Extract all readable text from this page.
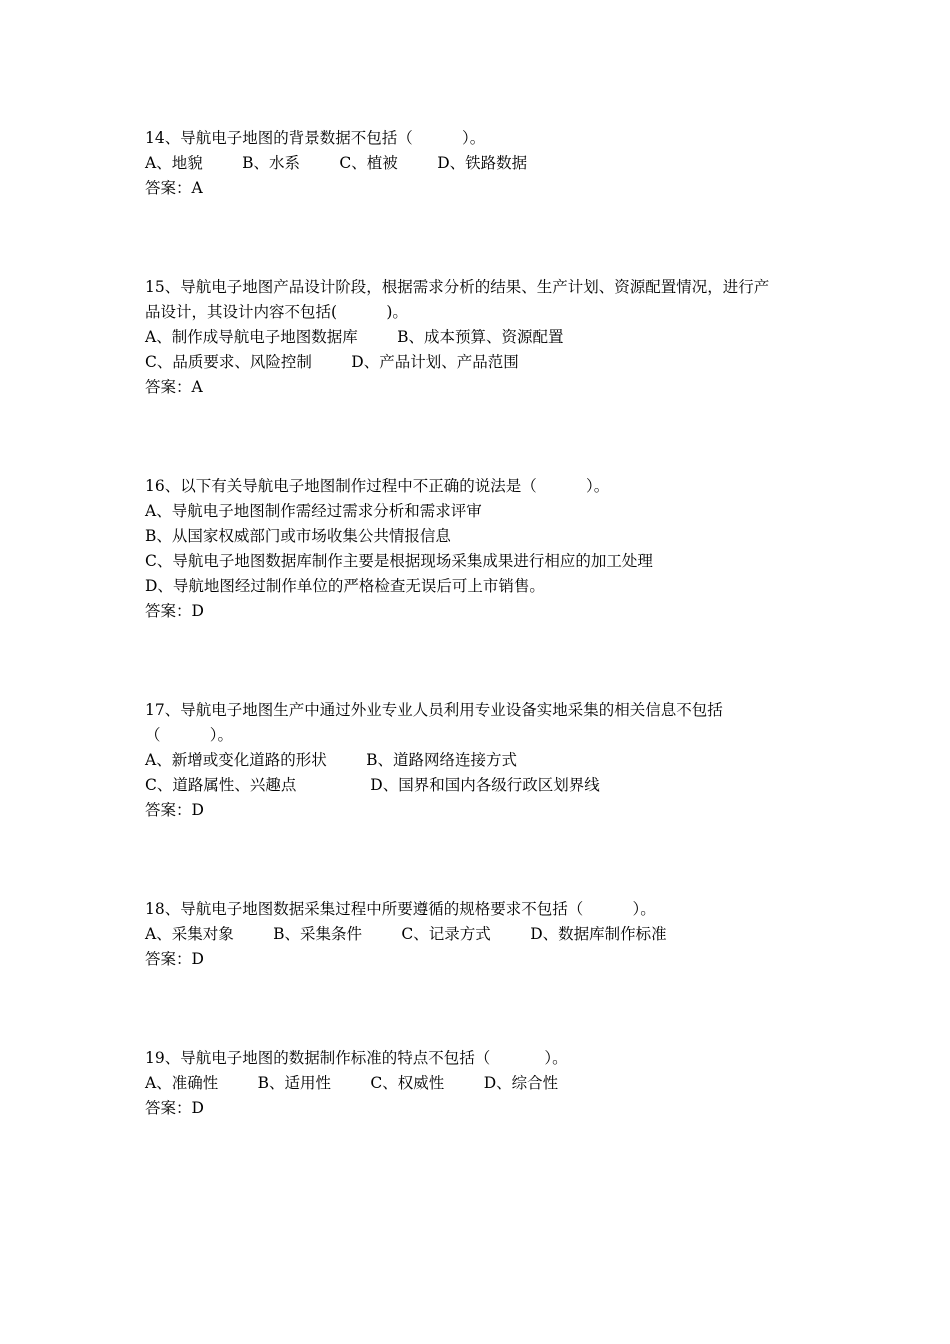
14、导航电子地图的背景数据不包括（          ）。
A、地貌        B、水系        C、植被        D、铁路数据
答案：A
15、导航电子地图产品设计阶段，根据需求分析的结果、生产计划、资源配置情况，进行产
品设计，其设计内容不包括(          )。
A、制作成导航电子地图数据库        B、成本预算、资源配置
C、品质要求、风险控制        D、产品计划、产品范围
答案：A
16、以下有关导航电子地图制作过程中不正确的说法是（          ）。
A、导航电子地图制作需经过需求分析和需求评审
B、从国家权威部门或市场收集公共情报信息
C、导航电子地图数据库制作主要是根据现场采集成果进行相应的加工处理
D、导航地图经过制作单位的严格检查无误后可上市销售。
答案：D
17、导航电子地图生产中通过外业专业人员利用专业设备实地采集的相关信息不包括
（          ）。
A、新增或变化道路的形状        B、道路网络连接方式
C、道路属性、兴趣点               D、国界和国内各级行政区划界线
答案：D
18、导航电子地图数据采集过程中所要遵循的规格要求不包括（          ）。
A、采集对象        B、采集条件        C、记录方式        D、数据库制作标准
答案：D
19、导航电子地图的数据制作标准的特点不包括（           ）。
A、准确性        B、适用性        C、权威性        D、综合性
答案：D
